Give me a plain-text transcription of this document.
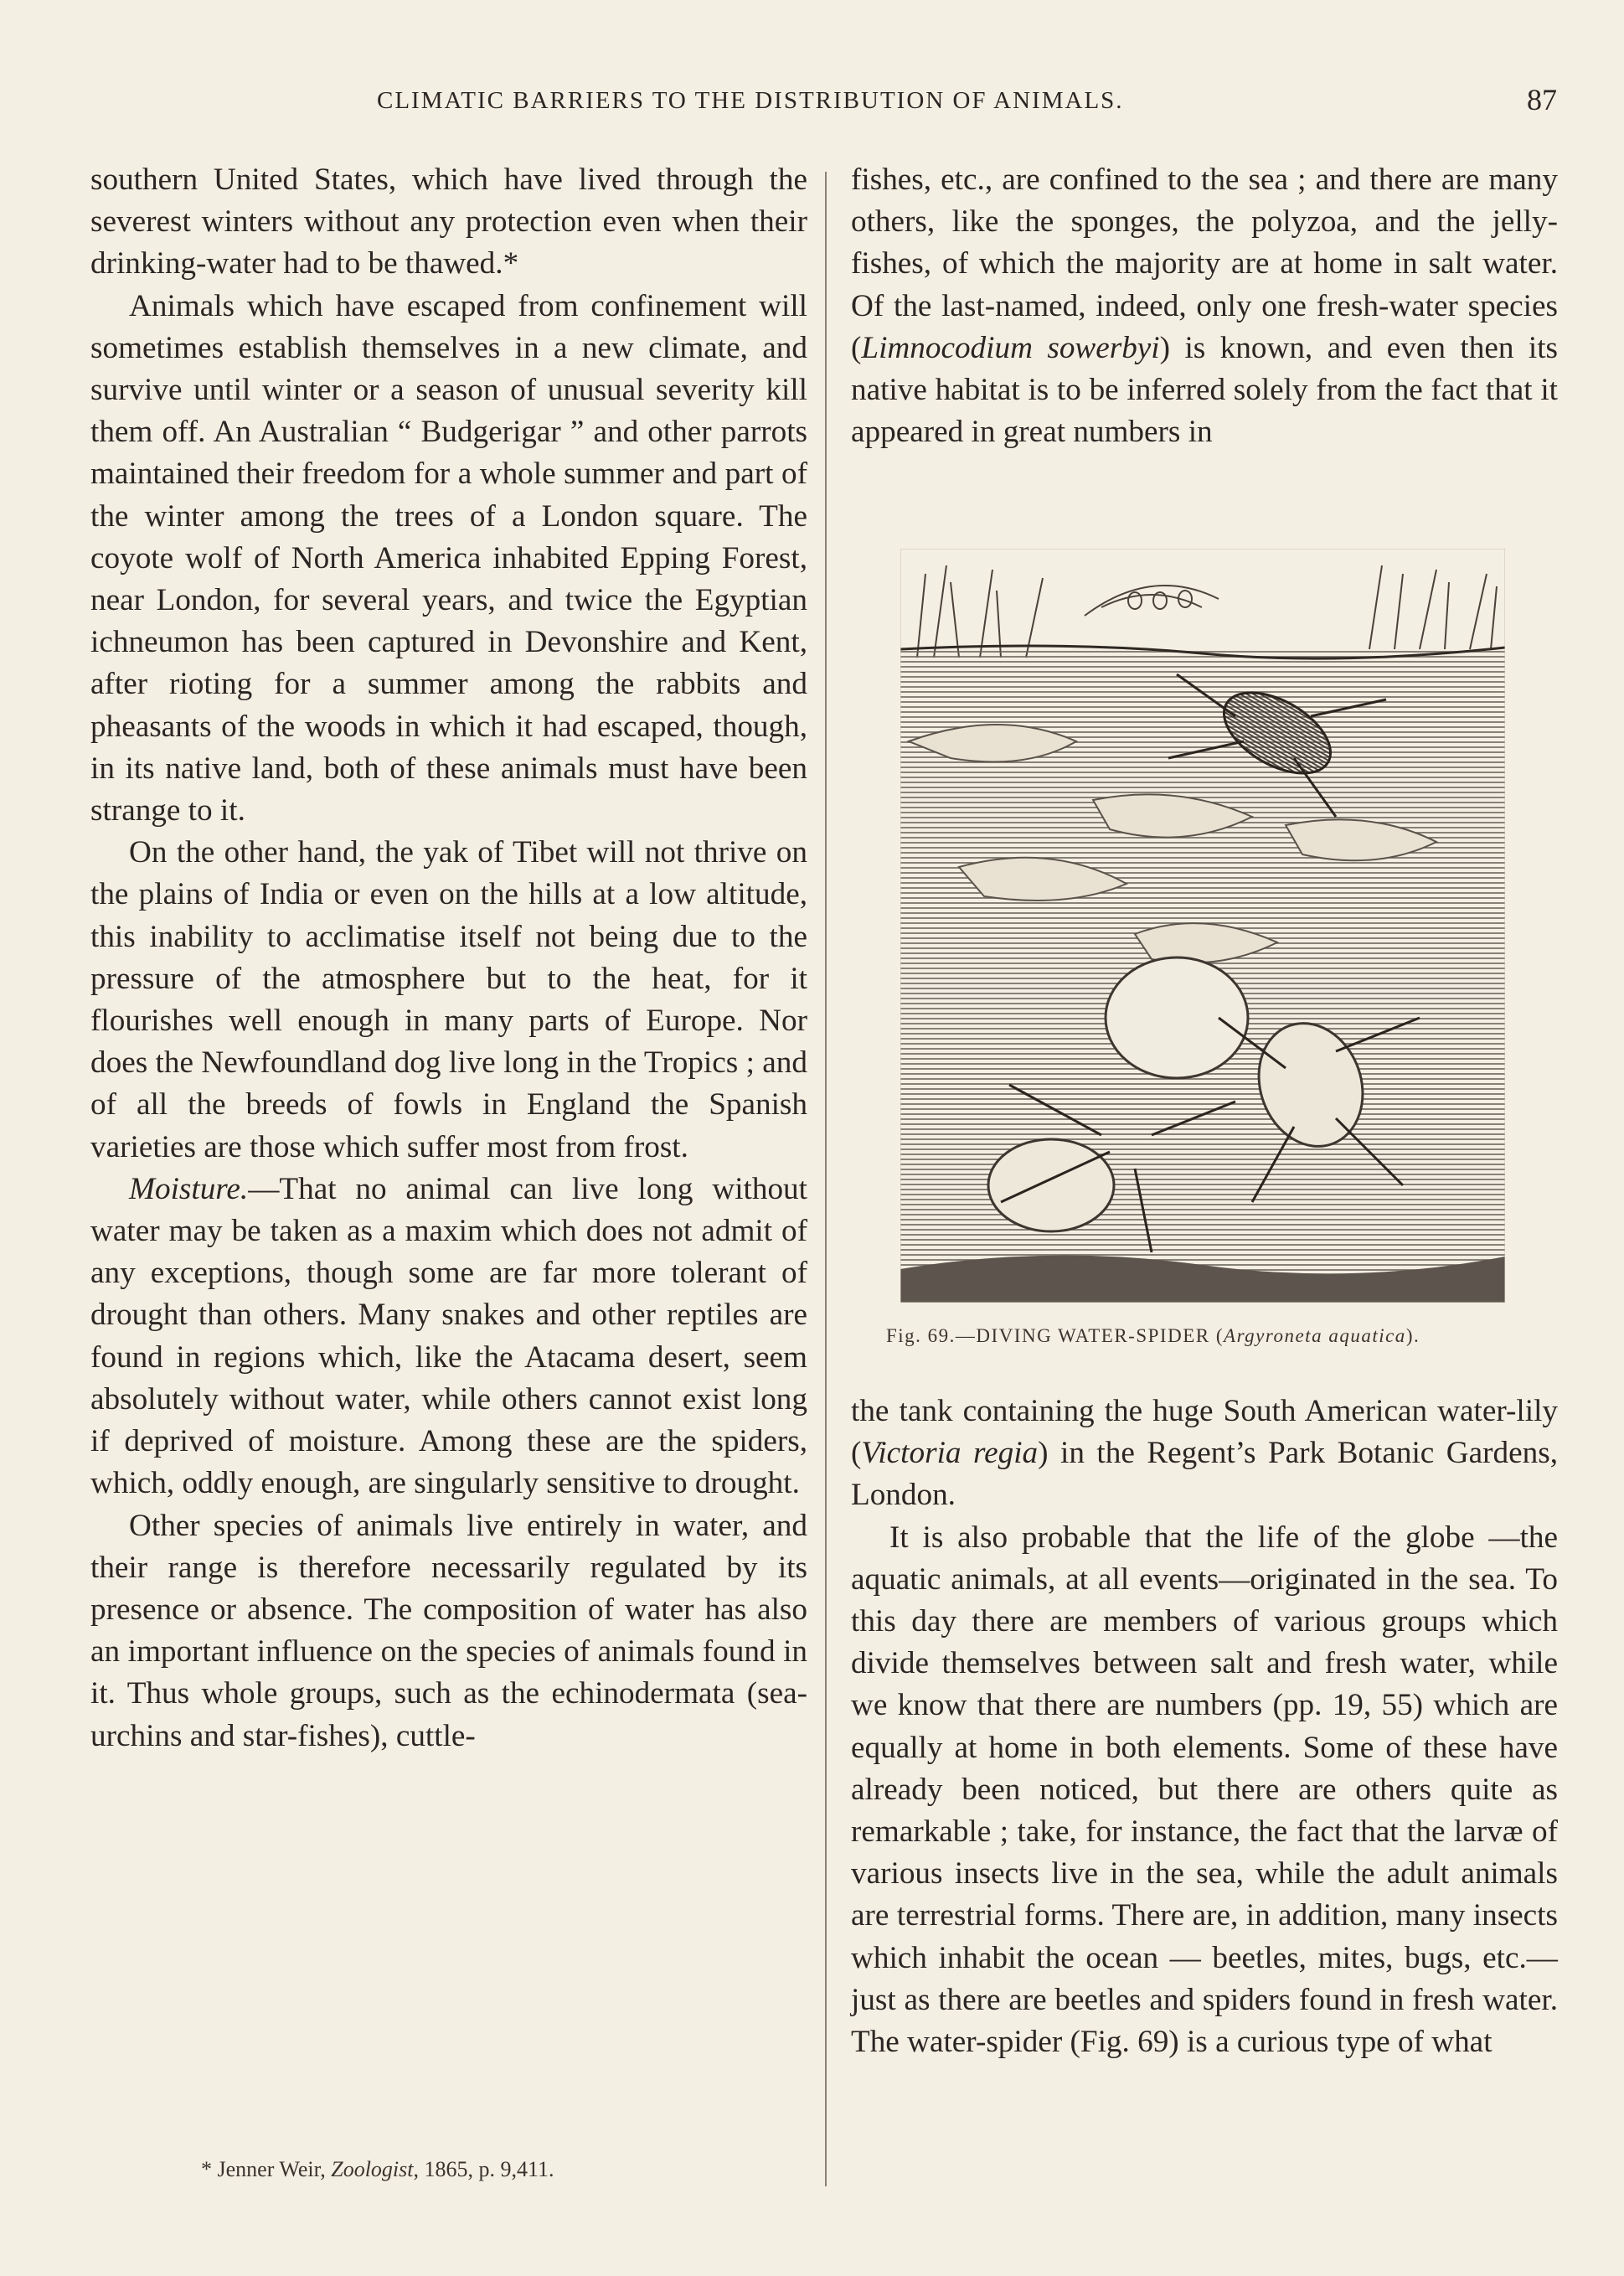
CLIMATIC BARRIERS TO THE DISTRIBUTION OF ANIMALS.	87

southern United States, which have lived through the severest winters without any protection even when their drinking-water had to be thawed.*

Animals which have escaped from confinement will sometimes establish themselves in a new climate, and survive until winter or a season of unusual severity kill them off. An Australian “ Budgerigar ” and other parrots maintained their freedom for a whole summer and part of the winter among the trees of a London square. The coyote wolf of North America inhabited Epping Forest, near London, for several years, and twice the Egyptian ichneumon has been captured in Devonshire and Kent, after rioting for a summer among the rabbits and pheasants of the woods in which it had escaped, though, in its native land, both of these animals must have been strange to it.

On the other hand, the yak of Tibet will not thrive on the plains of India or even on the hills at a low altitude, this inability to acclimatise itself not being due to the pressure of the atmosphere but to the heat, for it flourishes well enough in many parts of Europe. Nor does the Newfoundland dog live long in the Tropics ; and of all the breeds of fowls in England the Spanish varieties are those which suffer most from frost.

Moisture.—That no animal can live long without water may be taken as a maxim which does not admit of any exceptions, though some are far more tolerant of drought than others. Many snakes and other reptiles are found in regions which, like the Atacama desert, seem absolutely without water, while others cannot exist long if deprived of moisture. Among these are the spiders, which, oddly enough, are singularly sensitive to drought.

Other species of animals live entirely in water, and their range is therefore necessarily regulated by its presence or absence. The composition of water has also an important influence on the species of animals found in it. Thus whole groups, such as the echinodermata (sea-urchins and star-fishes), cuttle-

fishes, etc., are confined to the sea ; and there are many others, like the sponges, the polyzoa, and the jelly-fishes, of which the majority are at home in salt water. Of the last-named, indeed, only one fresh-water species (Limnocodium sowerbyi) is known, and even then its native habitat is to be inferred solely from the fact that it appeared in great numbers in

Fig. 69.—DIVING WATER-SPIDER (Argyroneta aquatica).

the tank containing the huge South American water-lily (Victoria regia) in the Regent’s Park Botanic Gardens, London.

It is also probable that the life of the globe —the aquatic animals, at all events—originated in the sea. To this day there are members of various groups which divide themselves between salt and fresh water, while we know that there are numbers (pp. 19, 55) which are equally at home in both elements. Some of these have already been noticed, but there are others quite as remarkable ; take, for instance, the fact that the larvæ of various insects live in the sea, while the adult animals are terrestrial forms. There are, in addition, many insects which inhabit the ocean — beetles, mites, bugs, etc.—just as there are beetles and spiders found in fresh water. The water-spider (Fig. 69) is a curious type of what

* Jenner Weir, Zoologist, 1865, p. 9,411.
